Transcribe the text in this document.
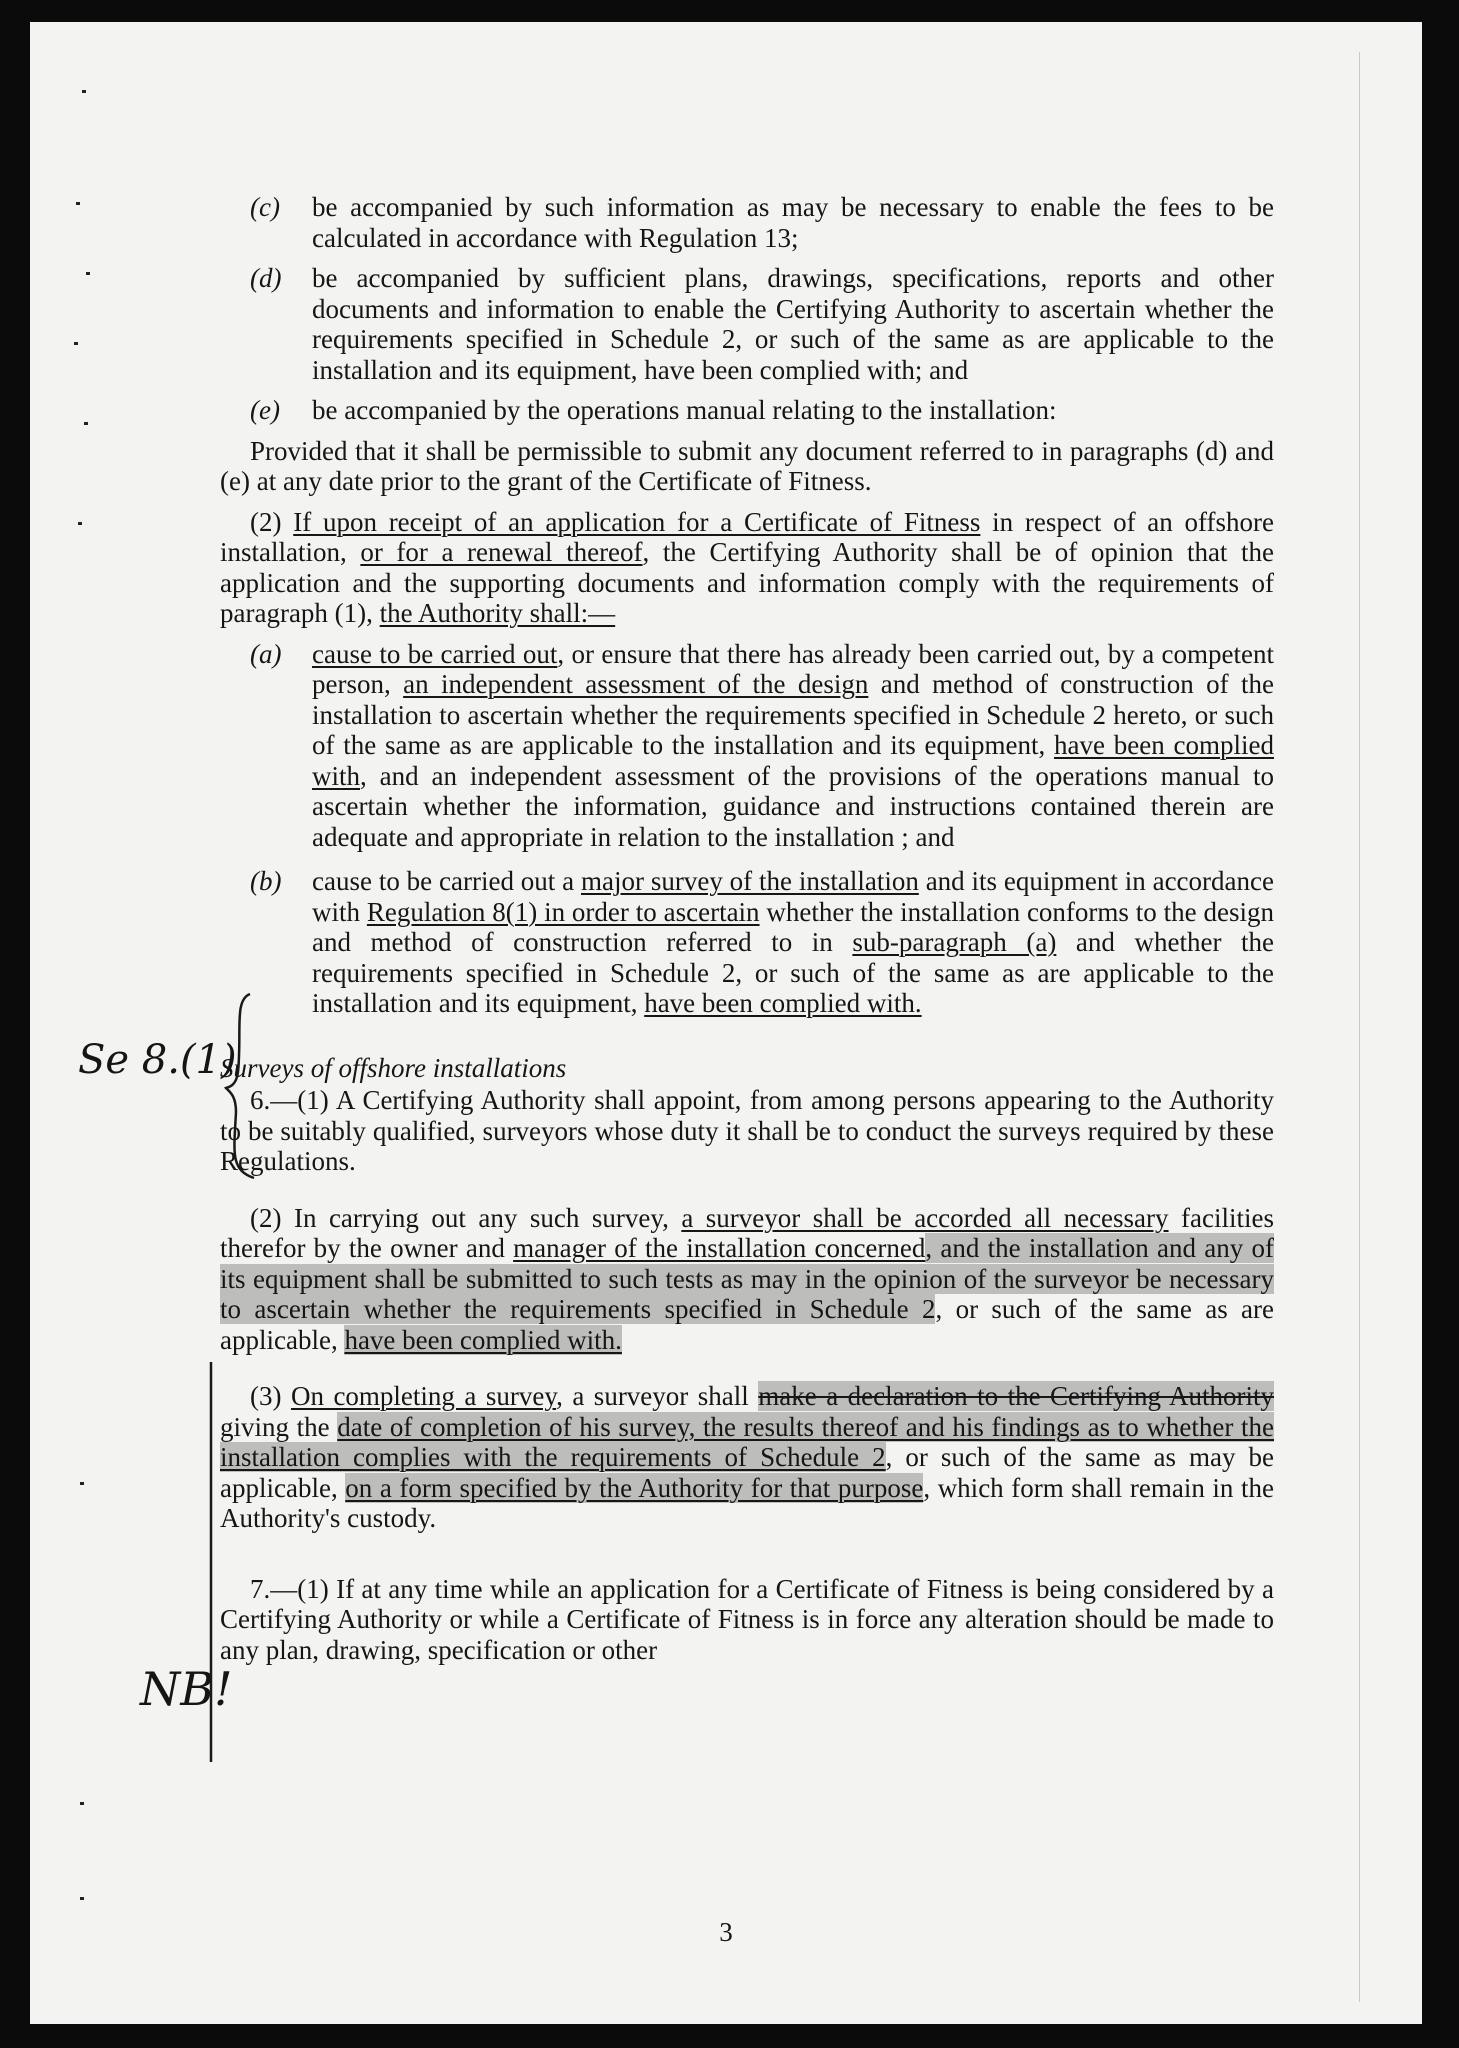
Se 8.(1)
NB!
(c)	be accompanied by such information as may be necessary to enable the fees to be calculated in accordance with Regulation 13;
(d)	be accompanied by sufficient plans, drawings, specifications, reports and other documents and information to enable the Certifying Authority to ascertain whether the requirements specified in Schedule 2, or such of the same as are applicable to the installation and its equipment, have been complied with; and
(e)	be accompanied by the operations manual relating to the installation:
Provided that it shall be permissible to submit any document referred to in paragraphs (d) and (e) at any date prior to the grant of the Certificate of Fitness.
(2) If upon receipt of an application for a Certificate of Fitness in respect of an offshore installation, or for a renewal thereof, the Certifying Authority shall be of opinion that the application and the supporting documents and information comply with the requirements of paragraph (1), the Authority shall:—
(a)	cause to be carried out, or ensure that there has already been carried out, by a competent person, an independent assessment of the design and method of construction of the installation to ascertain whether the requirements specified in Schedule 2 hereto, or such of the same as are applicable to the installation and its equipment, have been complied with, and an independent assessment of the provisions of the operations manual to ascertain whether the information, guidance and instructions contained therein are adequate and appropriate in relation to the installation ; and
(b)	cause to be carried out a major survey of the installation and its equipment in accordance with Regulation 8(1) in order to ascertain whether the installation conforms to the design and method of construction referred to in sub-paragraph (a) and whether the requirements specified in Schedule 2, or such of the same as are applicable to the installation and its equipment, have been complied with.
Surveys of offshore installations
6.—(1) A Certifying Authority shall appoint, from among persons appearing to the Authority to be suitably qualified, surveyors whose duty it shall be to conduct the surveys required by these Regulations.
(2) In carrying out any such survey, a surveyor shall be accorded all necessary facilities therefor by the owner and manager of the installation concerned, and the installation and any of its equipment shall be submitted to such tests as may in the opinion of the surveyor be necessary to ascertain whether the requirements specified in Schedule 2, or such of the same as are applicable, have been complied with.
(3) On completing a survey, a surveyor shall make a declaration to the Certifying Authority giving the date of completion of his survey, the results thereof and his findings as to whether the installation complies with the requirements of Schedule 2, or such of the same as may be applicable, on a form specified by the Authority for that purpose, which form shall remain in the Authority's custody.
7.—(1) If at any time while an application for a Certificate of Fitness is being considered by a Certifying Authority or while a Certificate of Fitness is in force any alteration should be made to any plan, drawing, specification or other
3
